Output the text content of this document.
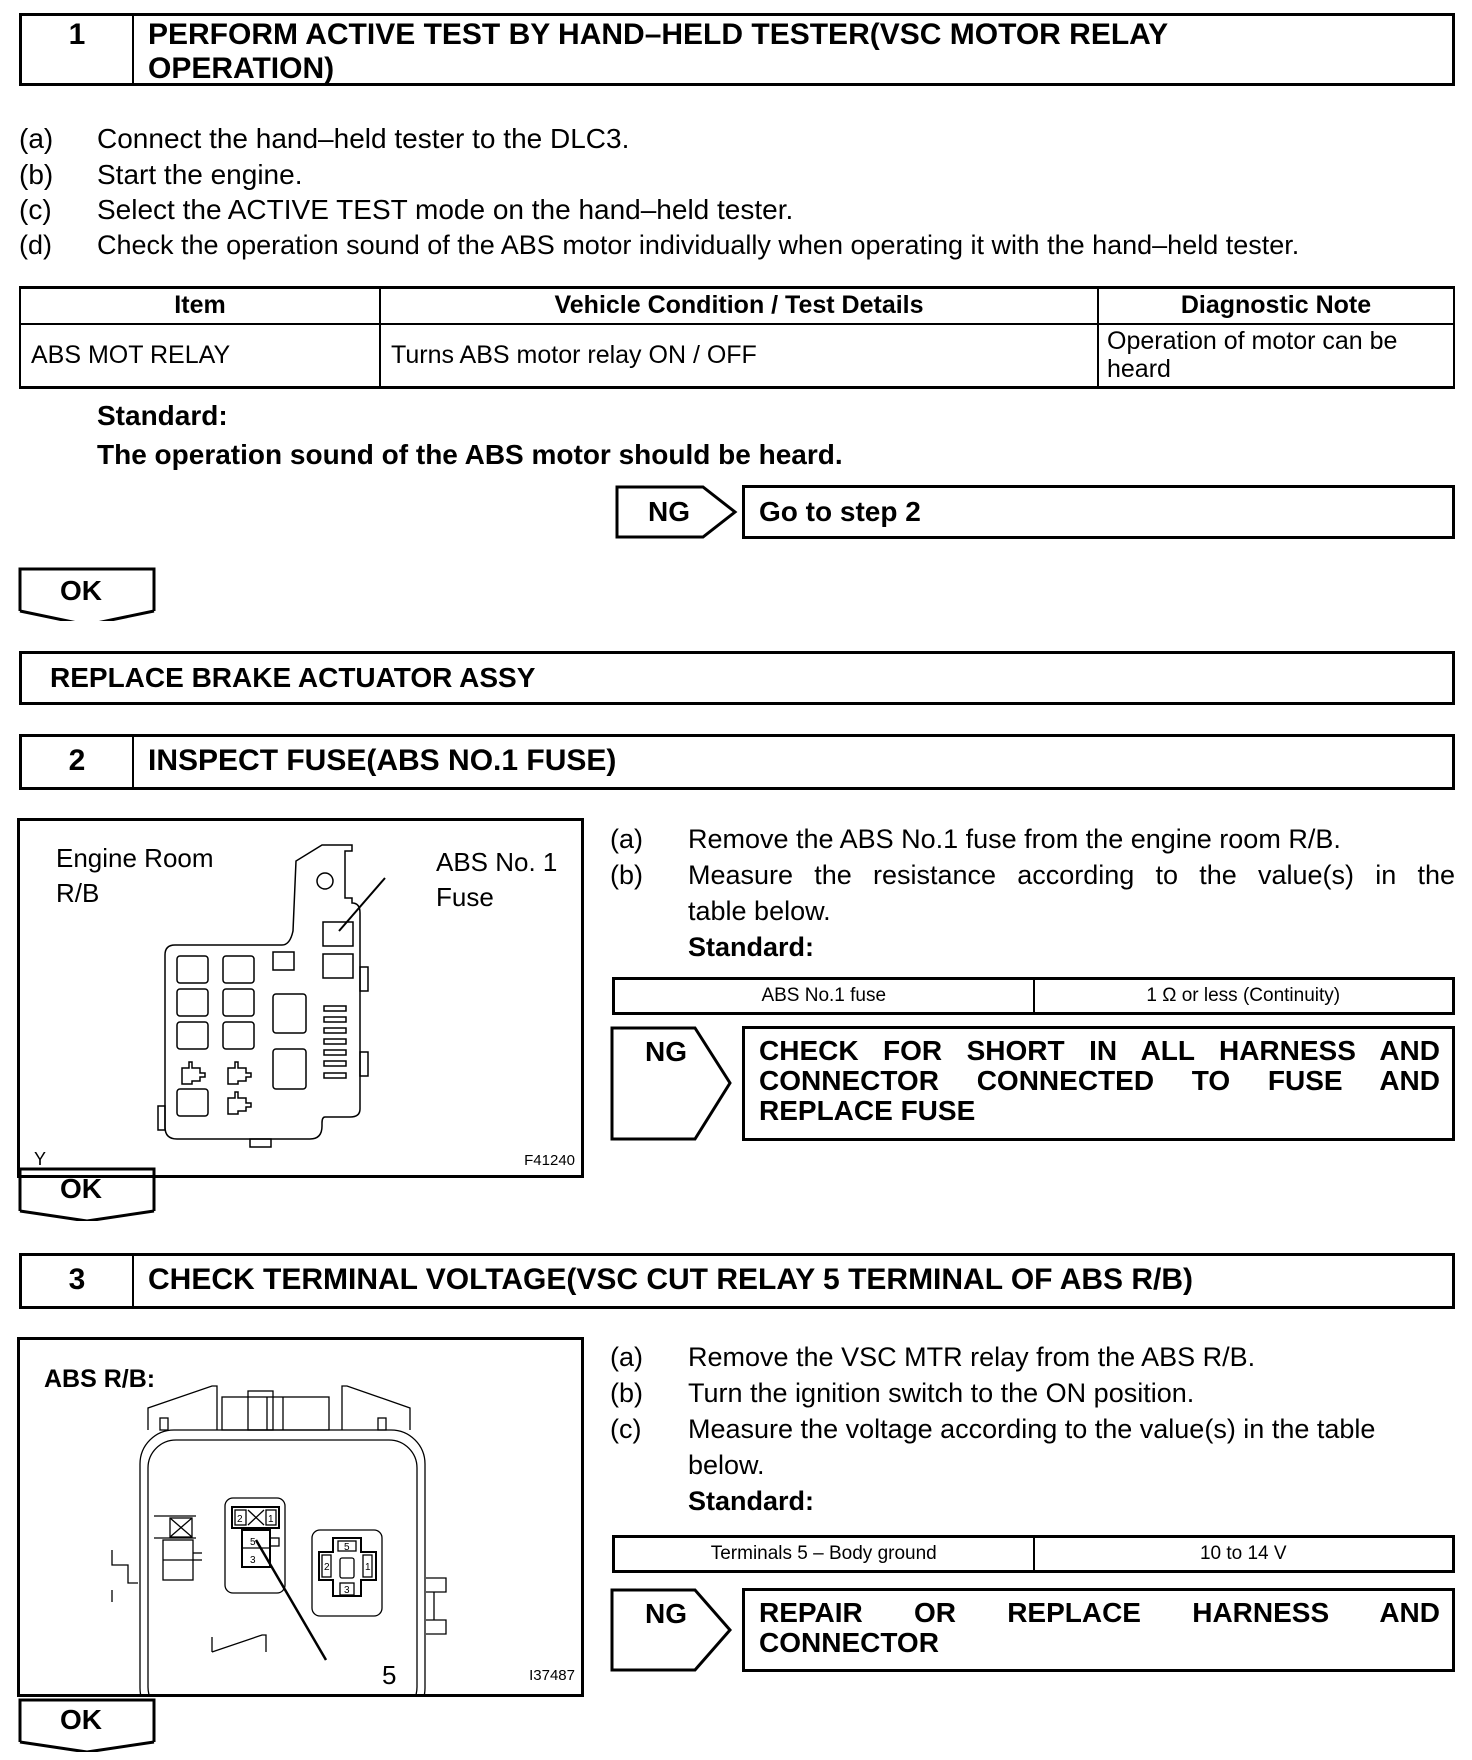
1	PERFORM ACTIVE TEST BY HAND–HELD TESTER(VSC MOTOR RELAY
OPERATION)
(a) Connect the hand–held tester to the DLC3.
(b) Start the engine.
(c) Select the ACTIVE TEST mode on the hand–held tester.
(d) Check the operation sound of the ABS motor individually when operating it with the hand–held tester.
Item	Vehicle Condition / Test Details	Diagnostic Note
ABS MOT RELAY	Turns ABS motor relay ON / OFF	Operation of motor can be heard
Standard:
The operation sound of the ABS motor should be heard.
NG	Go to step 2
OK
REPLACE BRAKE ACTUATOR ASSY
2	INSPECT FUSE(ABS NO.1 FUSE)
Engine Room
R/B
ABS No. 1
Fuse
Y	F41240
(a) Remove the ABS No.1 fuse from the engine room R/B.
(b) Measure the resistance according to the value(s) in the
table below.
Standard:
ABS No.1 fuse	1 Ω or less (Continuity)
NG	CHECK FOR SHORT IN ALL HARNESS AND
CONNECTOR CONNECTED TO FUSE AND
REPLACE FUSE
OK
3	CHECK TERMINAL VOLTAGE(VSC CUT RELAY 5 TERMINAL OF ABS R/B)
ABS R/B:
5	I37487
5
3
2	1
5
2	1
3
(a) Remove the VSC MTR relay from the ABS R/B.
(b) Turn the ignition switch to the ON position.
(c) Measure the voltage according to the value(s) in the table
below.
Standard:
Terminals 5 – Body ground	10 to 14 V
NG	REPAIR OR REPLACE HARNESS AND
CONNECTOR
OK
